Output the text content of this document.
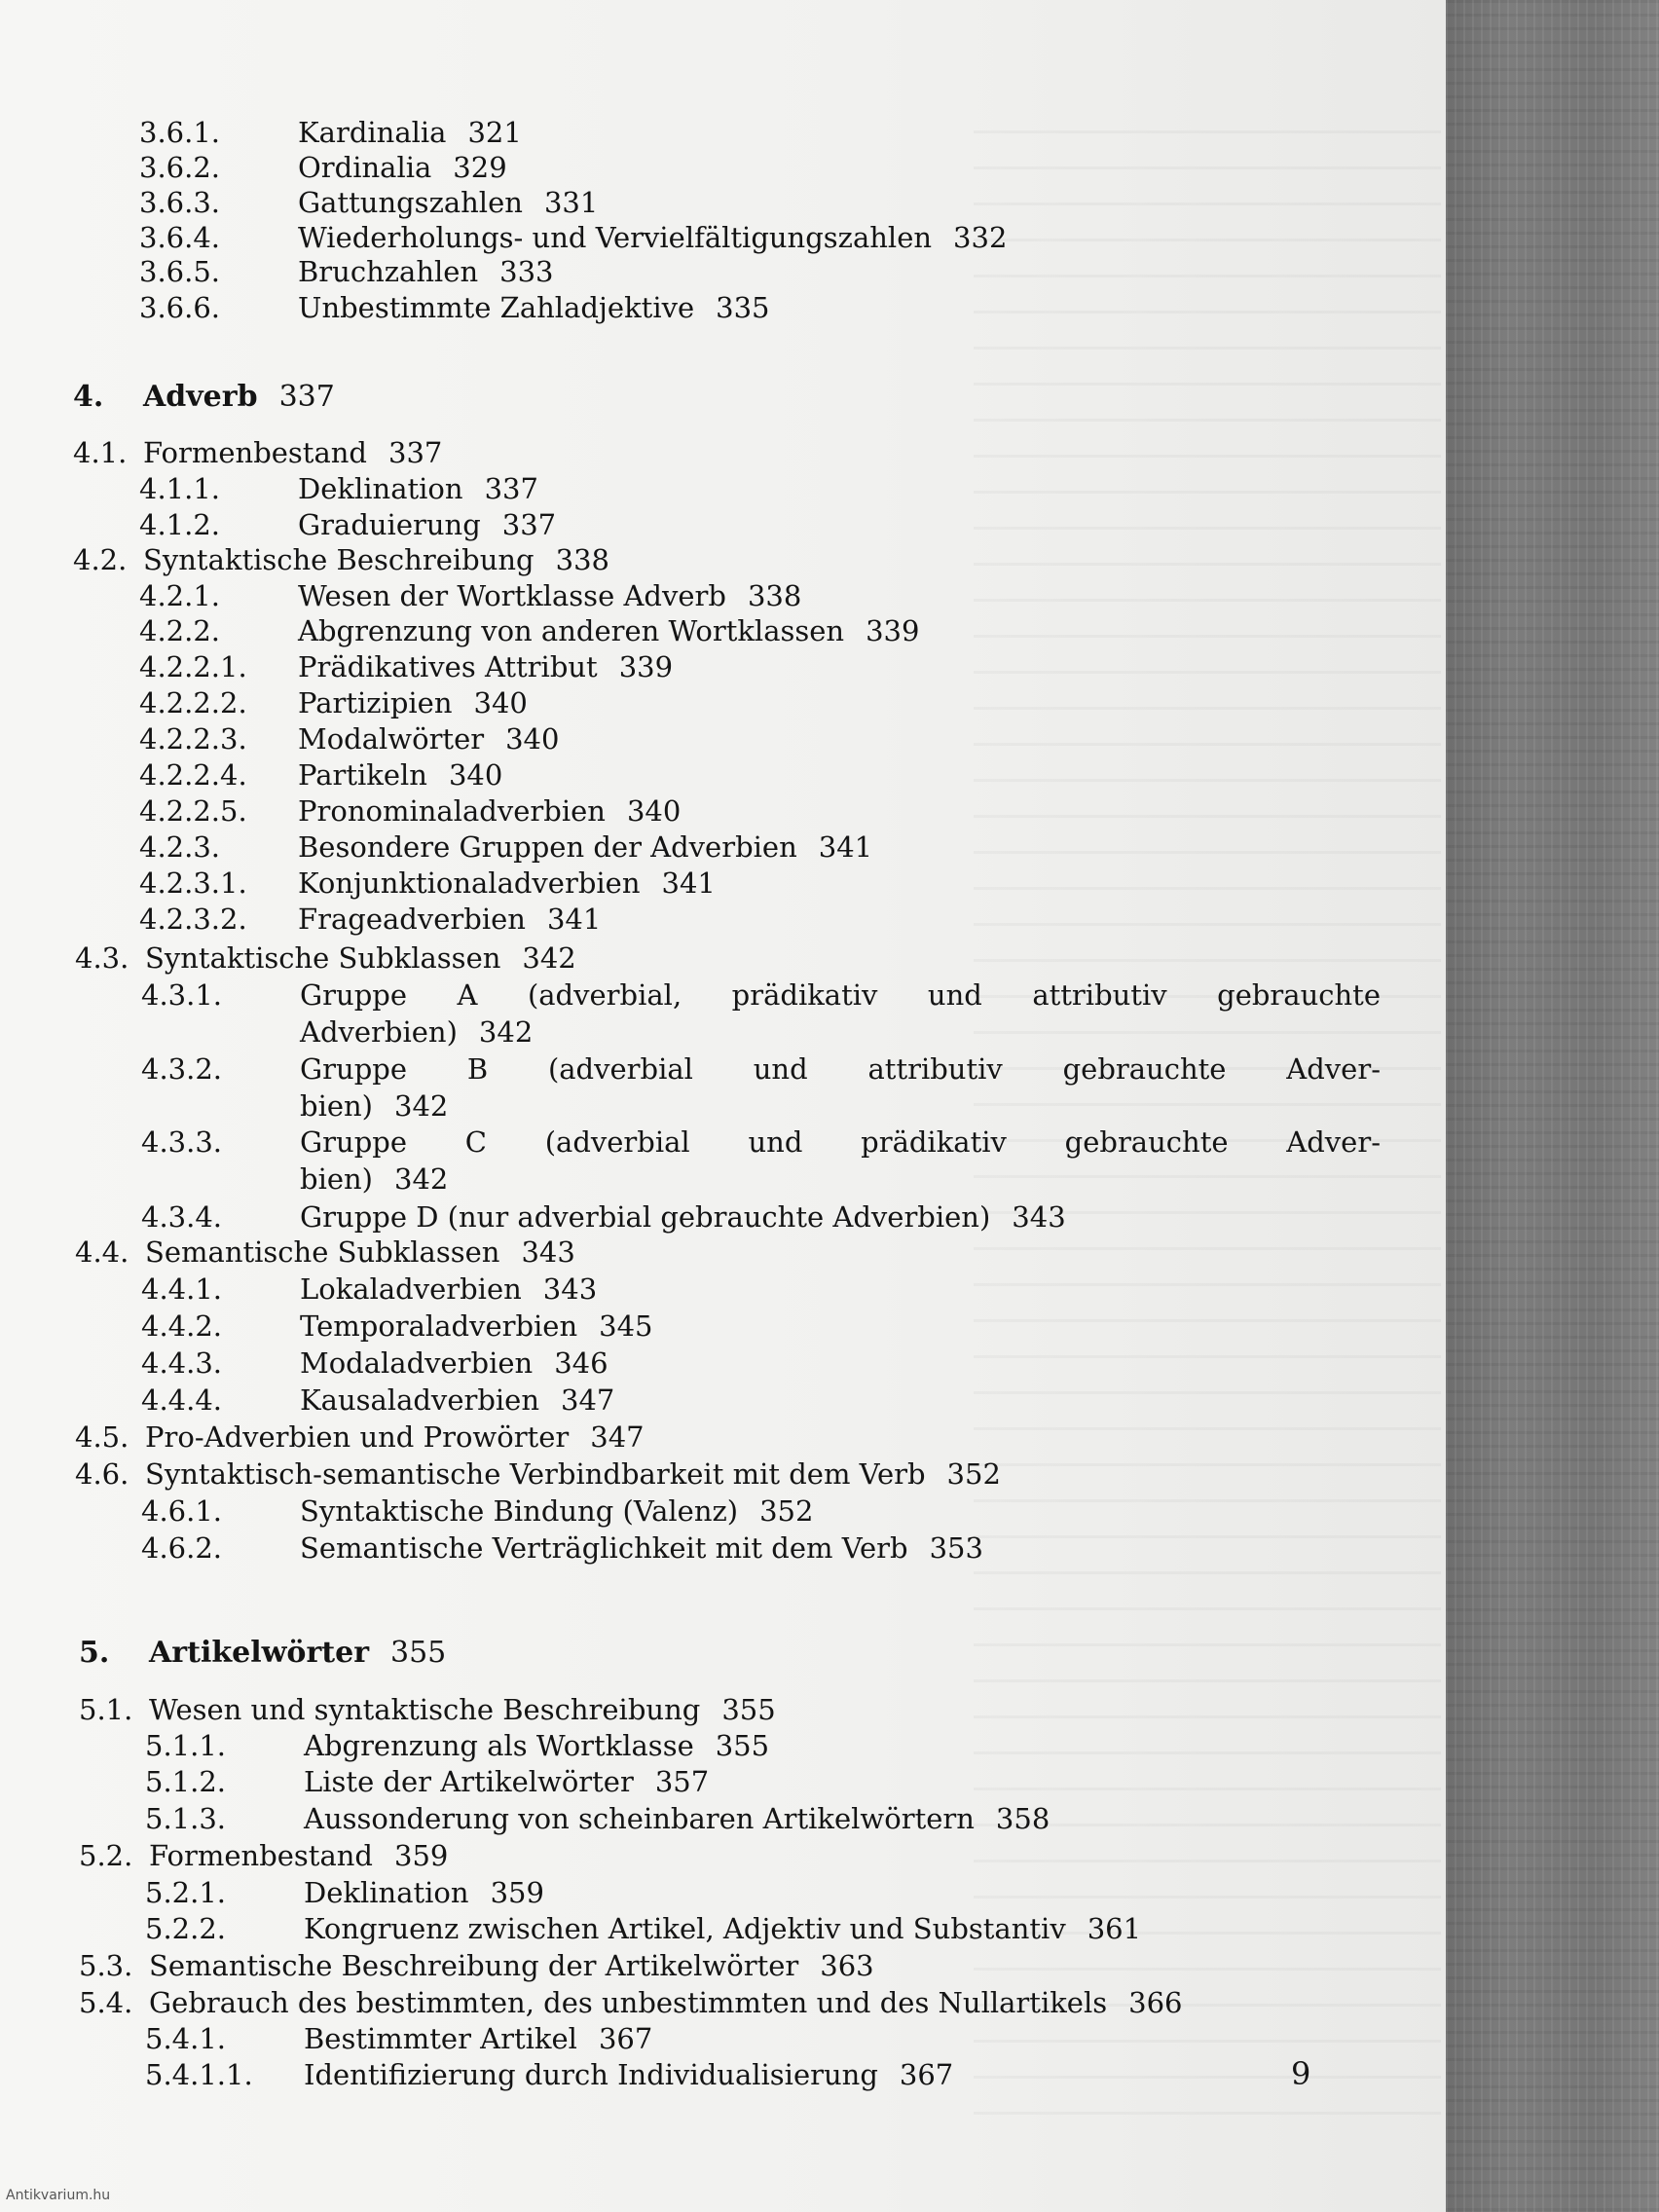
3.6.1.	Kardinalia 321
3.6.2.	Ordinalia 329
3.6.3.	Gattungszahlen 331
3.6.4.	Wiederholungs- und Vervielfältigungszahlen 332
3.6.5.	Bruchzahlen 333
3.6.6.	Unbestimmte Zahladjektive 335
4. Adverb 337
4.1. Formenbestand 337
4.1.1.	Deklination 337
4.1.2.	Graduierung 337
4.2. Syntaktische Beschreibung 338
4.2.1.	Wesen der Wortklasse Adverb 338
4.2.2.	Abgrenzung von anderen Wortklassen 339
4.2.2.1. Prädikatives Attribut 339
4.2.2.2. Partizipien 340
4.2.2.3. Modalwörter 340
4.2.2.4. Partikeln 340
4.2.2.5. Pronominaladverbien 340
4.2.3.	Besondere Gruppen der Adverbien 341
4.2.3.1. Konjunktionaladverbien 341
4.2.3.2. Frageadverbien 341
4.3. Syntaktische Subklassen 342
4.3.1.	Gruppe A (adverbial, prädikativ und attributiv gebrauchte
Adverbien) 342
4.3.2.	Gruppe B (adverbial und attributiv gebrauchte Adver-
bien) 342
4.3.3.	Gruppe C (adverbial und prädikativ gebrauchte Adver-
bien) 342
4.3.4.	Gruppe D (nur adverbial gebrauchte Adverbien) 343
4.4. Semantische Subklassen 343
4.4.1.	Lokaladverbien 343
4.4.2.	Temporaladverbien 345
4.4.3.	Modaladverbien 346
4.4.4.	Kausaladverbien 347
4.5. Pro-Adverbien und Prowörter 347
4.6. Syntaktisch-semantische Verbindbarkeit mit dem Verb 352
4.6.1.	Syntaktische Bindung (Valenz) 352
4.6.2.	Semantische Verträglichkeit mit dem Verb 353
5. Artikelwörter 355
5.1. Wesen und syntaktische Beschreibung 355
5.1.1.	Abgrenzung als Wortklasse 355
5.1.2.	Liste der Artikelwörter 357
5.1.3.	Aussonderung von scheinbaren Artikelwörtern 358
5.2. Formenbestand 359
5.2.1.	Deklination 359
5.2.2.	Kongruenz zwischen Artikel, Adjektiv und Substantiv 361
5.3. Semantische Beschreibung der Artikelwörter 363
5.4. Gebrauch des bestimmten, des unbestimmten und des Nullartikels 366
5.4.1.	Bestimmter Artikel 367
5.4.1.1. Identifizierung durch Individualisierung 367	9
Antikvarium.hu
